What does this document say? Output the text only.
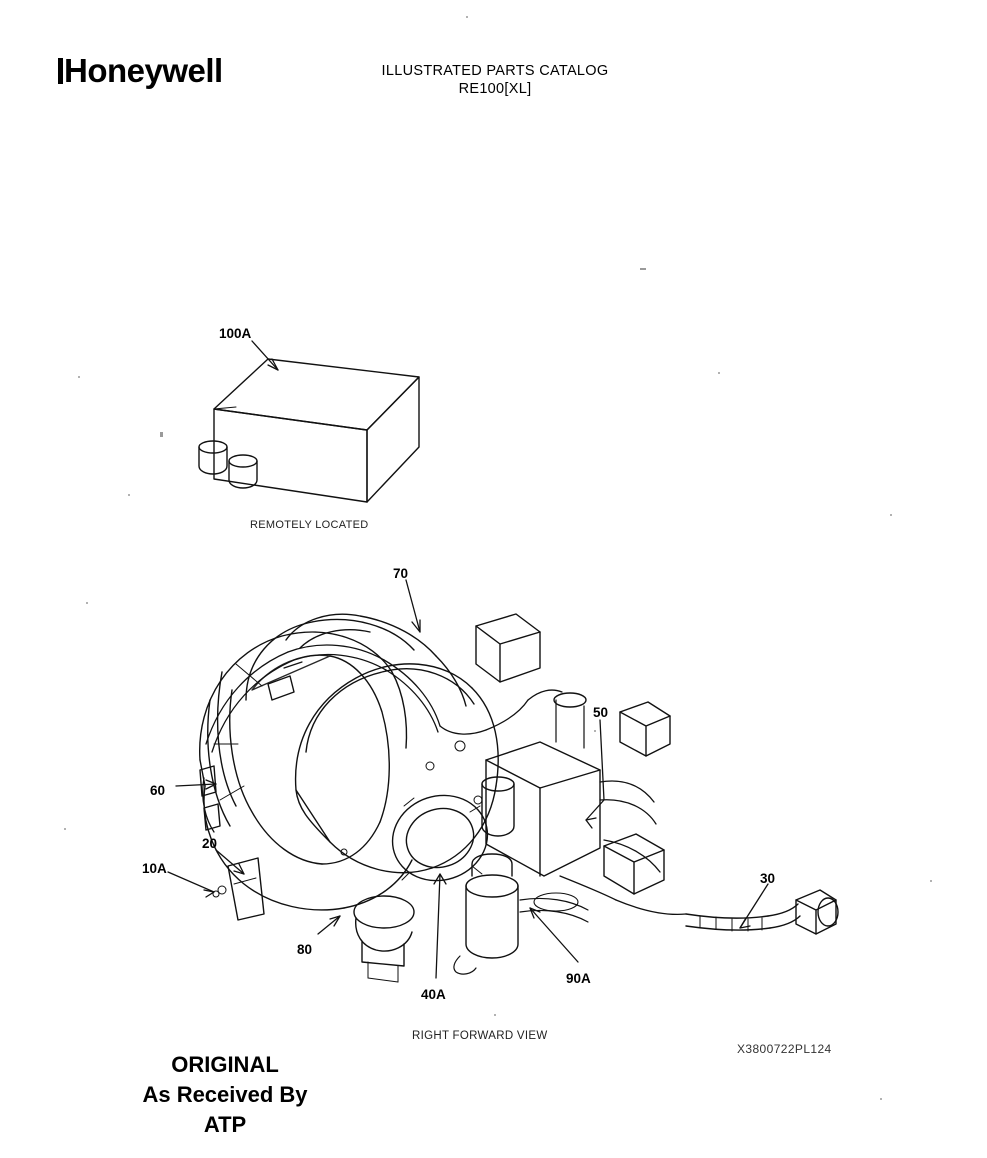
Honeywell	ILLUSTRATED PARTS CATALOG
RE100[XL]
100A
70
50
60
20
10A
30
80
90A
40A
REMOTELY LOCATED
RIGHT FORWARD VIEW
X3800722PL124
ORIGINAL
As Received By
ATP
